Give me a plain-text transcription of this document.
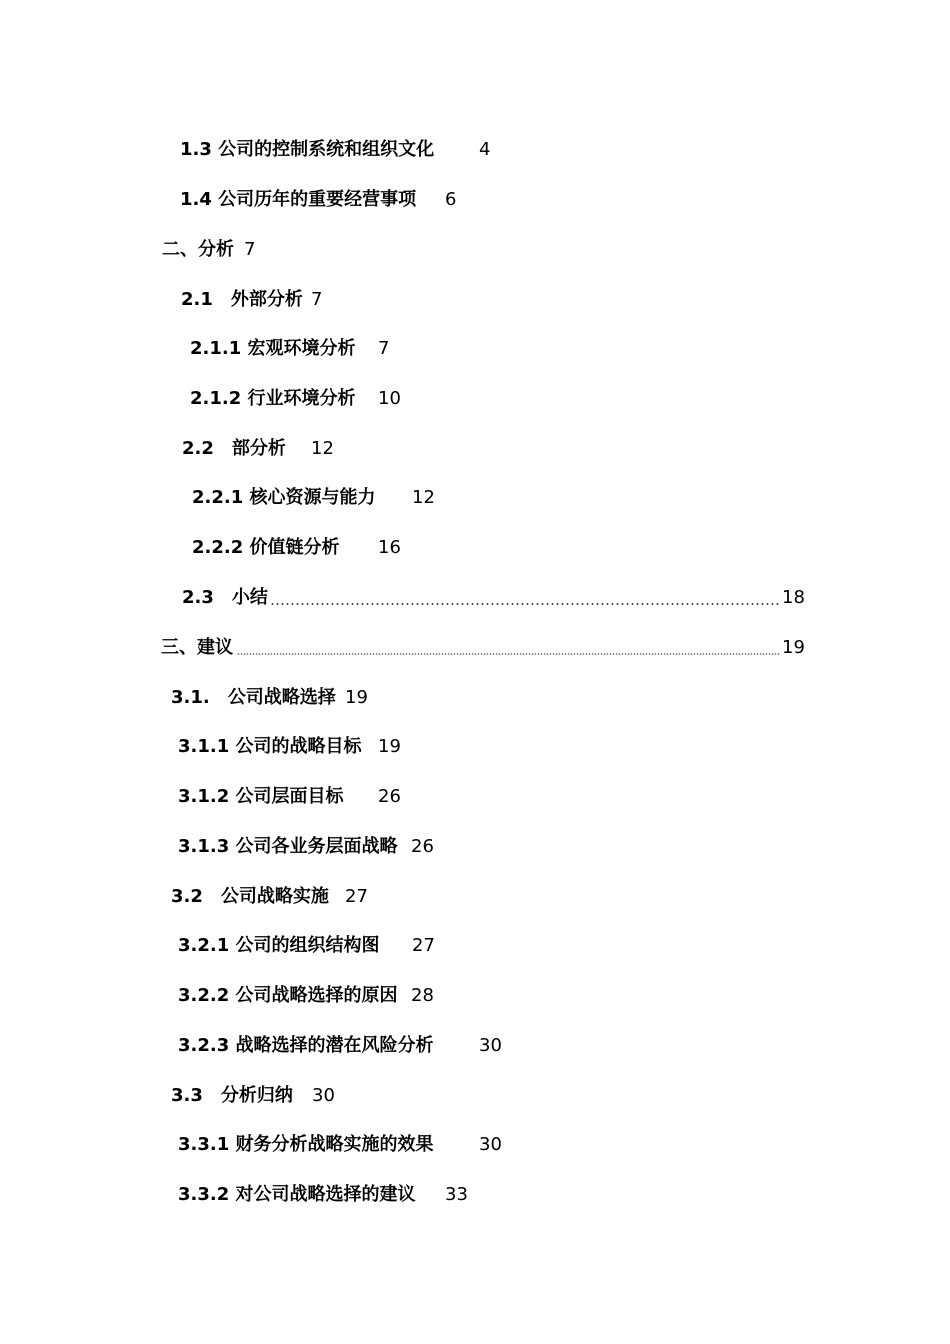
1.3 公司的控制系统和组织文化 4
1.4 公司历年的重要经营事项 6
二、分析 7
2.1　外部分析 7
2.1.1 宏观环境分析 7
2.1.2 行业环境分析 10
2.2　部分析 12
2.2.1 核心资源与能力 12
2.2.2 价值链分析 16
2.3　小结	18
三、建议	19
3.1.　公司战略选择 19
3.1.1 公司的战略目标 19
3.1.2 公司层面目标 26
3.1.3 公司各业务层面战略 26
3.2　公司战略实施 27
3.2.1 公司的组织结构图 27
3.2.2 公司战略选择的原因 28
3.2.3 战略选择的潜在风险分析	30
3.3　分析归纳 30
3.3.1 财务分析战略实施的效果	30
3.3.2 对公司战略选择的建议 33
